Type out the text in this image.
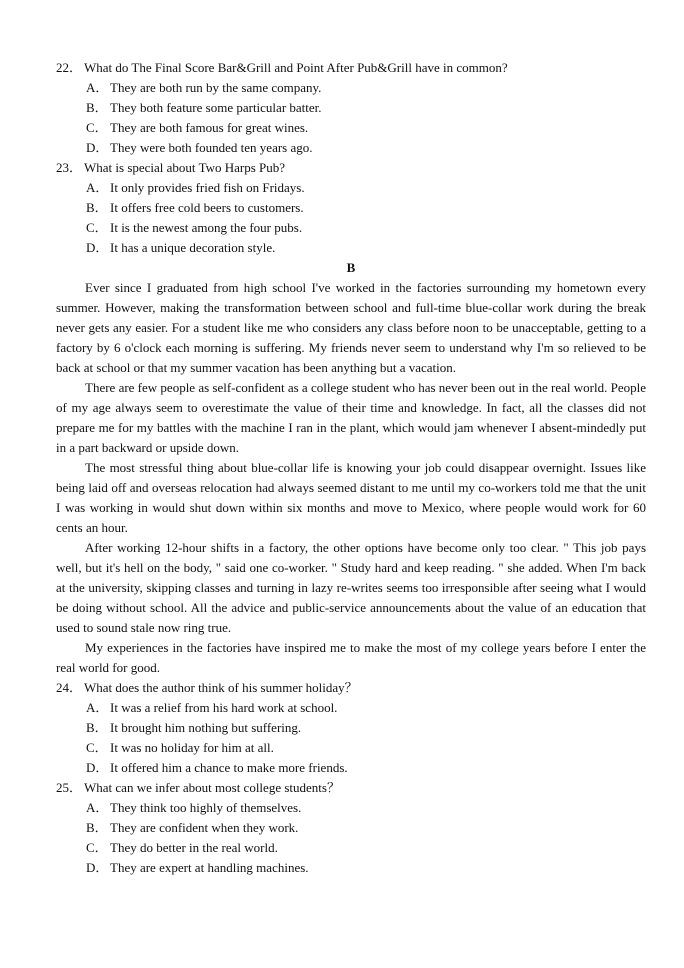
22． What do The Final Score Bar&Grill and Point After Pub&Grill have in common?

A． They are both run by the same company.

B． They both feature some particular batter.

C． They are both famous for great wines.

D． They were both founded ten years ago.

23． What is special about Two Harps Pub?

A． It only provides fried fish on Fridays.

B． It offers free cold beers to customers.

C． It is the newest among the four pubs.

D． It has a unique decoration style.

B

Ever since I graduated from high school I've worked in the factories surrounding my hometown every summer. However, making the transformation between school and full-time blue-collar work during the break never gets any easier. For a student like me who considers any class before noon to be unacceptable, getting to a factory by 6 o'clock each morning is suffering. My friends never seem to understand why I'm so relieved to be back at school or that my summer vacation has been anything but a vacation.

There are few people as self-confident as a college student who has never been out in the real world. People of my age always seem to overestimate the value of their time and knowledge. In fact, all the classes did not prepare me for my battles with the machine I ran in the plant, which would jam whenever I absent-mindedly put in a part backward or upside down.

The most stressful thing about blue-collar life is knowing your job could disappear overnight. Issues like being laid off and overseas relocation had always seemed distant to me until my co-workers told me that the unit I was working in would shut down within six months and move to Mexico, where people would work for 60 cents an hour.

After working 12-hour shifts in a factory, the other options have become only too clear. " This job pays well, but it's hell on the body, " said one co-worker. " Study hard and keep reading. " she added. When I'm back at the university, skipping classes and turning in lazy re-writes seems too irresponsible after seeing what I would be doing without school. All the advice and public-service announcements about the value of an education that used to sound stale now ring true.

My experiences in the factories have inspired me to make the most of my college years before I enter the real world for good.

24． What does the author think of his summer holiday？

A． It was a relief from his hard work at school.

B． It brought him nothing but suffering.

C． It was no holiday for him at all.

D． It offered him a chance to make more friends.

25． What can we infer about most college students？

A． They think too highly of themselves.

B． They are confident when they work.

C． They do better in the real world.

D． They are expert at handling machines.
